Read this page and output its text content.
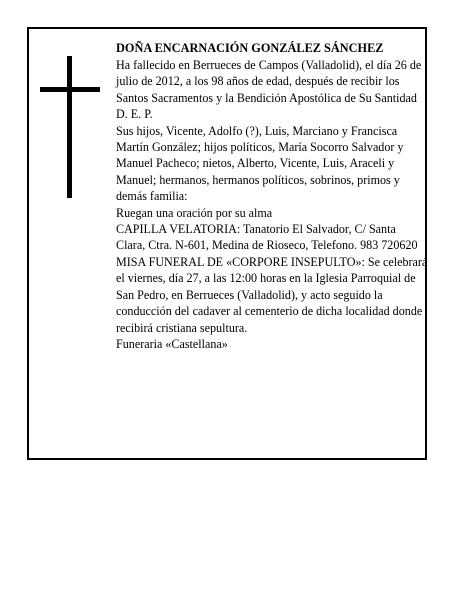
DOÑA ENCARNACIÓN GONZÁLEZ SÁNCHEZ

Ha fallecido en Berrueces de Campos (Valladolid), el día 26 de julio de 2012, a los 98 años de edad, después de recibir los Santos Sacramentos y la Bendición Apostólica de Su Santidad

D. E. P.

Sus hijos, Vicente, Adolfo (?), Luis, Marciano y Francisca Martín González; hijos políticos, María Socorro Salvador y Manuel Pacheco; nietos, Alberto, Vicente, Luis, Araceli y Manuel; hermanos, hermanos políticos, sobrinos, primos y demás familia:

Ruegan una oración por su alma

CAPILLA VELATORIA: Tanatorio El Salvador, C/ Santa Clara, Ctra. N-601, Medina de Rioseco, Telefono. 983 720620

MISA FUNERAL DE «CORPORE INSEPULTO»: Se celebrará el viernes, día 27, a las 12:00 horas en la Iglesia Parroquial de San Pedro, en Berrueces (Valladolid), y acto seguido la conducción del cadaver al cementerio de dicha localidad donde recibirá cristiana sepultura.

Funeraria «Castellana»
